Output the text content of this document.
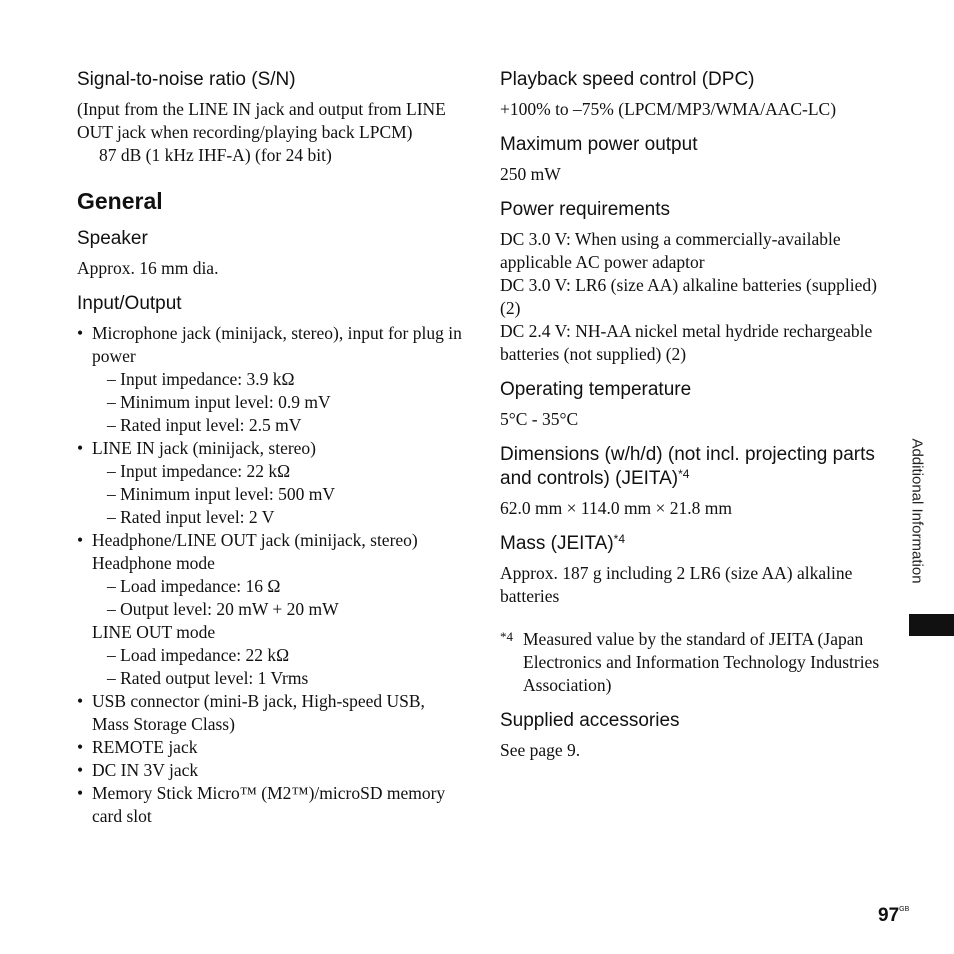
Signal-to-noise ratio (S/N)
(Input from the LINE IN jack and output from LINE OUT jack when recording/playing back LPCM)
87 dB (1 kHz IHF-A) (for 24 bit)
General
Speaker
Approx. 16 mm dia.
Input/Output
• Microphone jack (minijack, stereo), input for plug in power
– Input impedance: 3.9 kΩ
– Minimum input level: 0.9 mV
– Rated input level: 2.5 mV
• LINE IN jack (minijack, stereo)
– Input impedance: 22 kΩ
– Minimum input level: 500 mV
– Rated input level: 2 V
• Headphone/LINE OUT jack (minijack, stereo)
Headphone mode
– Load impedance: 16 Ω
– Output level: 20 mW + 20 mW
LINE OUT mode
– Load impedance: 22 kΩ
– Rated output level: 1 Vrms
• USB connector (mini-B jack, High-speed USB, Mass Storage Class)
• REMOTE jack
• DC IN 3V jack
• Memory Stick Micro™ (M2™)/microSD memory card slot
Playback speed control (DPC)
+100% to –75% (LPCM/MP3/WMA/AAC-LC)
Maximum power output
250 mW
Power requirements
DC 3.0 V: When using a commercially-available applicable AC power adaptor
DC 3.0 V: LR6 (size AA) alkaline batteries (supplied) (2)
DC 2.4 V: NH-AA nickel metal hydride rechargeable batteries (not supplied) (2)
Operating temperature
5°C - 35°C
Dimensions (w/h/d) (not incl. projecting parts and controls) (JEITA)$^{*4}$
62.0 mm × 114.0 mm × 21.8 mm
Mass (JEITA)$^{*4}$
Approx. 187 g including 2 LR6 (size AA) alkaline batteries
*4 Measured value by the standard of JEITA (Japan Electronics and Information Technology Industries Association)
Supplied accessories
See page 9.
Additional Information
$97^{GB}$
